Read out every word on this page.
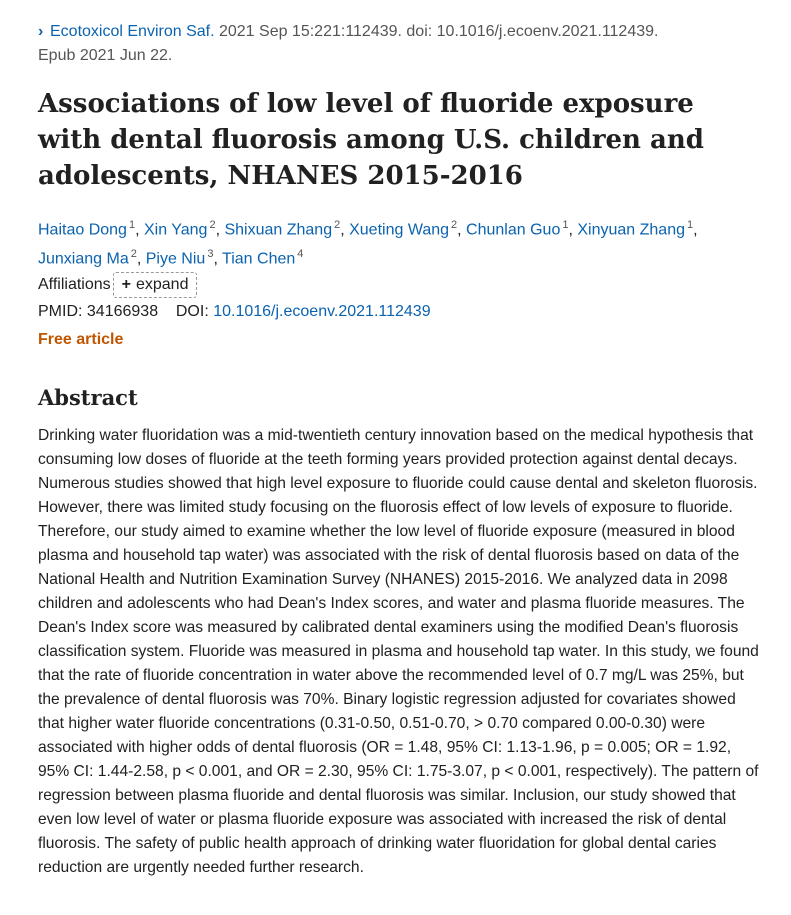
› Ecotoxicol Environ Saf. 2021 Sep 15:221:112439. doi: 10.1016/j.ecoenv.2021.112439.
Epub 2021 Jun 22.
Associations of low level of fluoride exposure with dental fluorosis among U.S. children and adolescents, NHANES 2015-2016
Haitao Dong $^1$, Xin Yang $^2$, Shixuan Zhang $^2$, Xueting Wang $^2$, Chunlan Guo $^1$, Xinyuan Zhang $^1$,
Junxiang Ma $^2$, Piye Niu $^3$, Tian Chen $^4$
Affiliations + expand
PMID: 34166938 DOI: 10.1016/j.ecoenv.2021.112439
Free article
Abstract

Drinking water fluoridation was a mid-twentieth century innovation based on the medical hypothesis that consuming low doses of fluoride at the teeth forming years provided protection against dental decays. Numerous studies showed that high level exposure to fluoride could cause dental and skeleton fluorosis. However, there was limited study focusing on the fluorosis effect of low levels of exposure to fluoride. Therefore, our study aimed to examine whether the low level of fluoride exposure (measured in blood plasma and household tap water) was associated with the risk of dental fluorosis based on data of the National Health and Nutrition Examination Survey (NHANES) 2015-2016. We analyzed data in 2098 children and adolescents who had Dean's Index scores, and water and plasma fluoride measures. The Dean's Index score was measured by calibrated dental examiners using the modified Dean's fluorosis classification system. Fluoride was measured in plasma and household tap water. In this study, we found that the rate of fluoride concentration in water above the recommended level of 0.7 mg/L was 25%, but the prevalence of dental fluorosis was 70%. Binary logistic regression adjusted for covariates showed that higher water fluoride concentrations (0.31-0.50, 0.51-0.70, > 0.70 compared 0.00-0.30) were associated with higher odds of dental fluorosis (OR = 1.48, 95% CI: 1.13-1.96, p = 0.005; OR = 1.92, 95% CI: 1.44-2.58, p < 0.001, and OR = 2.30, 95% CI: 1.75-3.07, p < 0.001, respectively). The pattern of regression between plasma fluoride and dental fluorosis was similar. Inclusion, our study showed that even low level of water or plasma fluoride exposure was associated with increased the risk of dental fluorosis. The safety of public health approach of drinking water fluoridation for global dental caries reduction are urgently needed further research.
